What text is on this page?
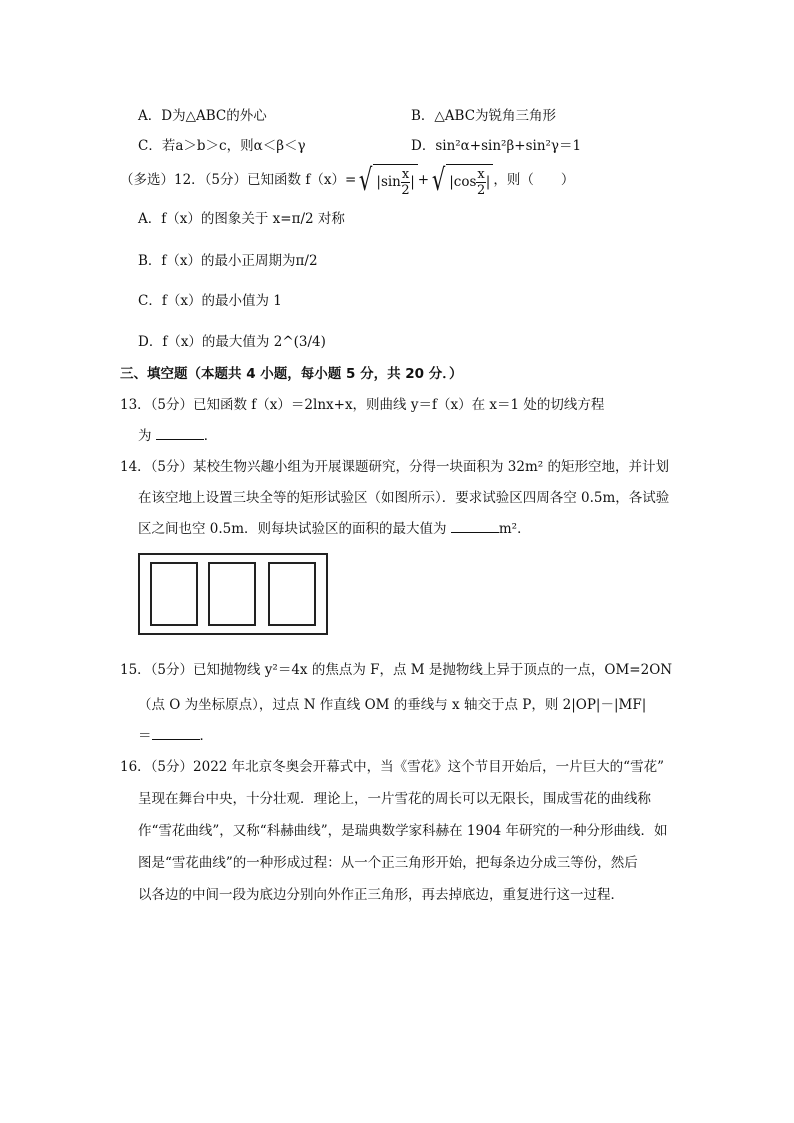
A．D为△ABC的外心	B．△ABC为锐角三角形
C．若a＞b＞c，则α＜β＜γ	D．sin²α+sin²β+sin²γ＝1
（多选）12．（5分）已知函数 f（x）=√ $|\sin \frac{x}{2}$ | +√ $|\cos \frac{x}{2}$ | ，则（　　）
A．f（x）的图象关于 x=π/2 对称
B．f（x）的最小正周期为π/2
C．f（x）的最小值为 1
D．f（x）的最大值为 2^(3/4)
三、填空题（本题共 4 小题，每小题 5 分，共 20 分．）
13．（5分）已知函数 f（x）＝2lnx+x，则曲线 y＝f（x）在 x＝1 处的切线方程
为	．
14．（5分）某校生物兴趣小组为开展课题研究，分得一块面积为 32m² 的矩形空地，并计划
在该空地上设置三块全等的矩形试验区（如图所示）．要求试验区四周各空 0.5m，各试验
区之间也空 0.5m．则每块试验区的面积的最大值为	m²．
15．（5分）已知抛物线 y²＝4x 的焦点为 F，点 M 是抛物线上异于顶点的一点，OM=2ON
（点 O 为坐标原点），过点 N 作直线 OM 的垂线与 x 轴交于点 P，则 2|OP|－|MF|
＝	．
16．（5分）2022 年北京冬奥会开幕式中，当《雪花》这个节目开始后，一片巨大的“雪花”
呈现在舞台中央，十分壮观．理论上，一片雪花的周长可以无限长，围成雪花的曲线称
作“雪花曲线”，又称“科赫曲线”，是瑞典数学家科赫在 1904 年研究的一种分形曲线．如
图是“雪花曲线”的一种形成过程：从一个正三角形开始，把每条边分成三等份，然后
以各边的中间一段为底边分别向外作正三角形，再去掉底边，重复进行这一过程．
